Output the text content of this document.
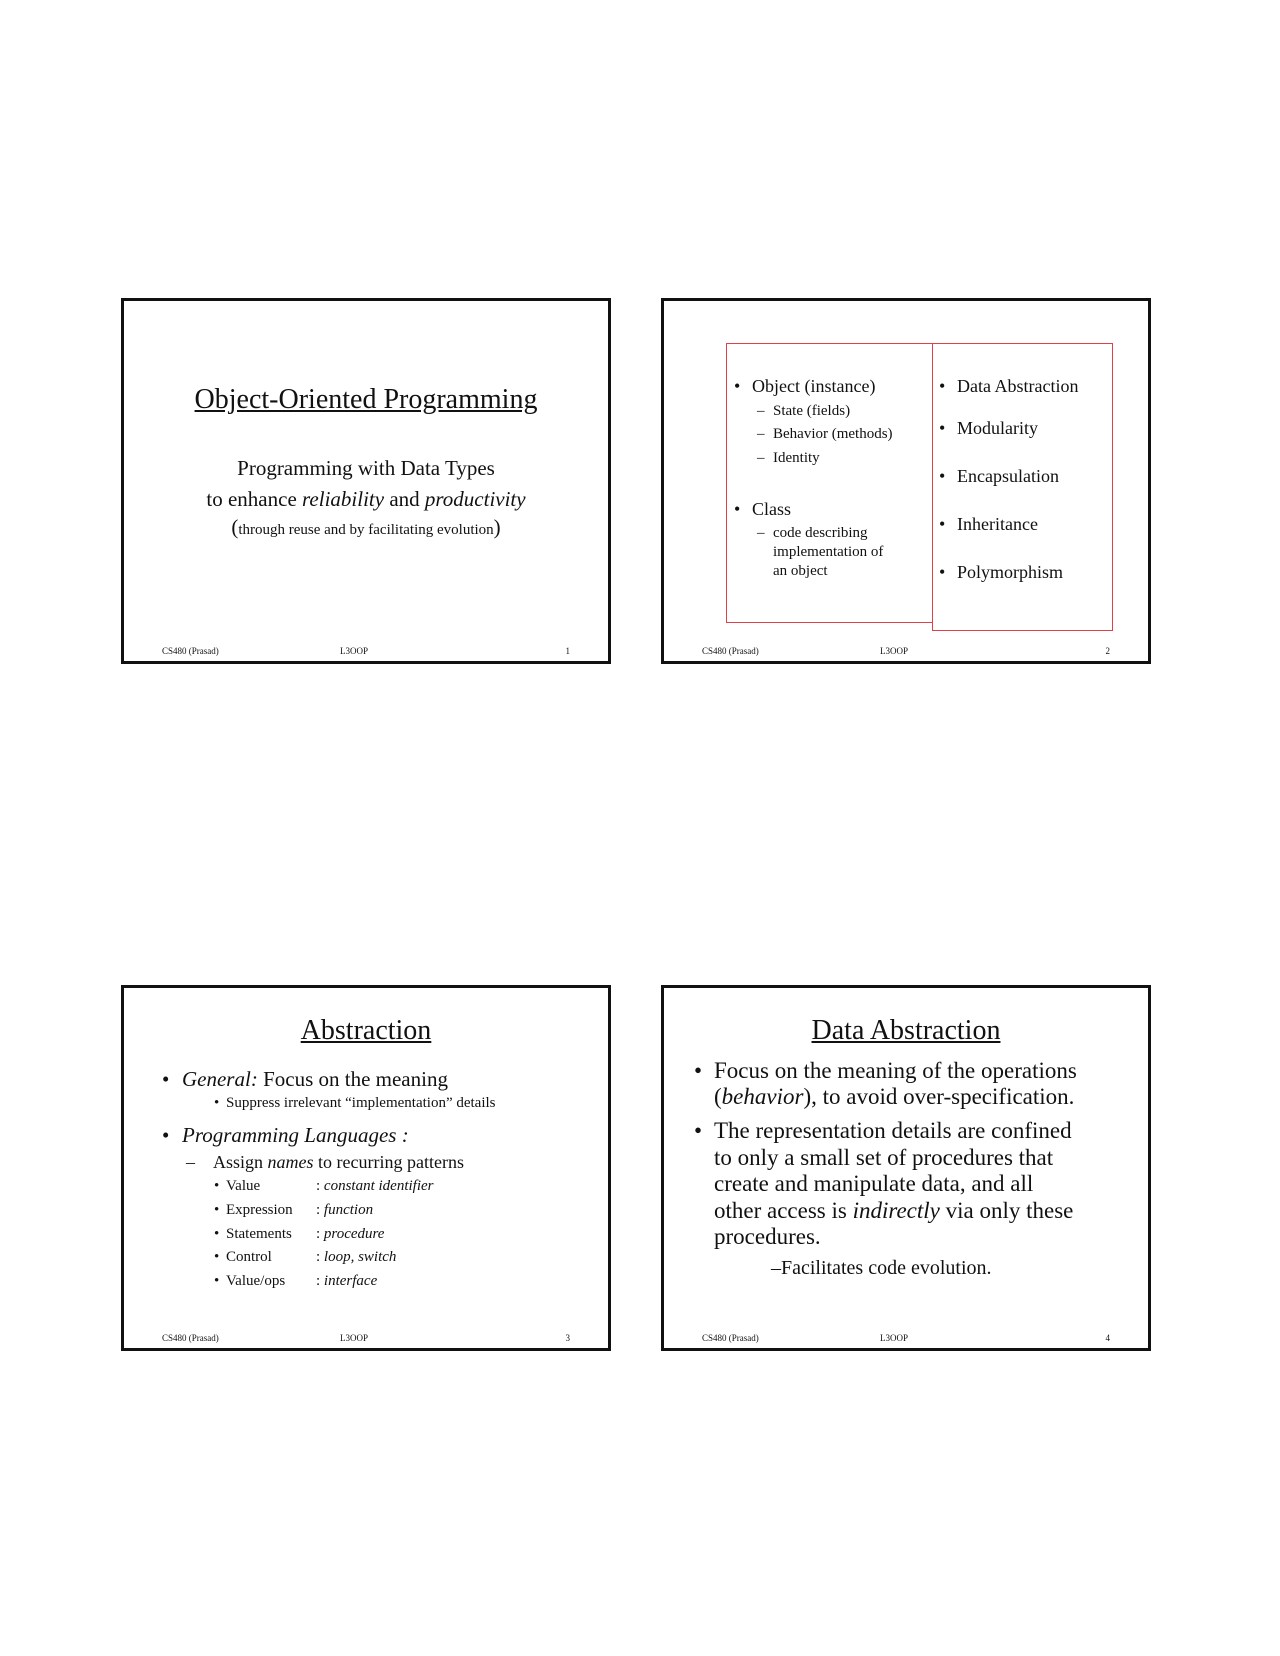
Object-Oriented Programming
Programming with Data Types
to enhance reliability and productivity
(through reuse and by facilitating evolution)
CS480 (Prasad)	L3OOP	1
• Object (instance)
– State (fields)
– Behavior (methods)
– Identity
• Class
– code describing
implementation of
an object
• Data Abstraction
• Modularity
• Encapsulation
• Inheritance
• Polymorphism
CS480 (Prasad)	L3OOP	2
Abstraction
• General: Focus on the meaning
• Suppress irrelevant “implementation” details
• Programming Languages :
– Assign names to recurring patterns
• Value	: constant identifier
• Expression : function
• Statements : procedure
• Control	: loop, switch
• Value/ops : interface
CS480 (Prasad)	L3OOP	3
Data Abstraction
• Focus on the meaning of the operations
(behavior), to avoid over-specification.
• The representation details are confined
to only a small set of procedures that
create and manipulate data, and all
other access is indirectly via only these
procedures.
–Facilitates code evolution.
CS480 (Prasad)	L3OOP	4
